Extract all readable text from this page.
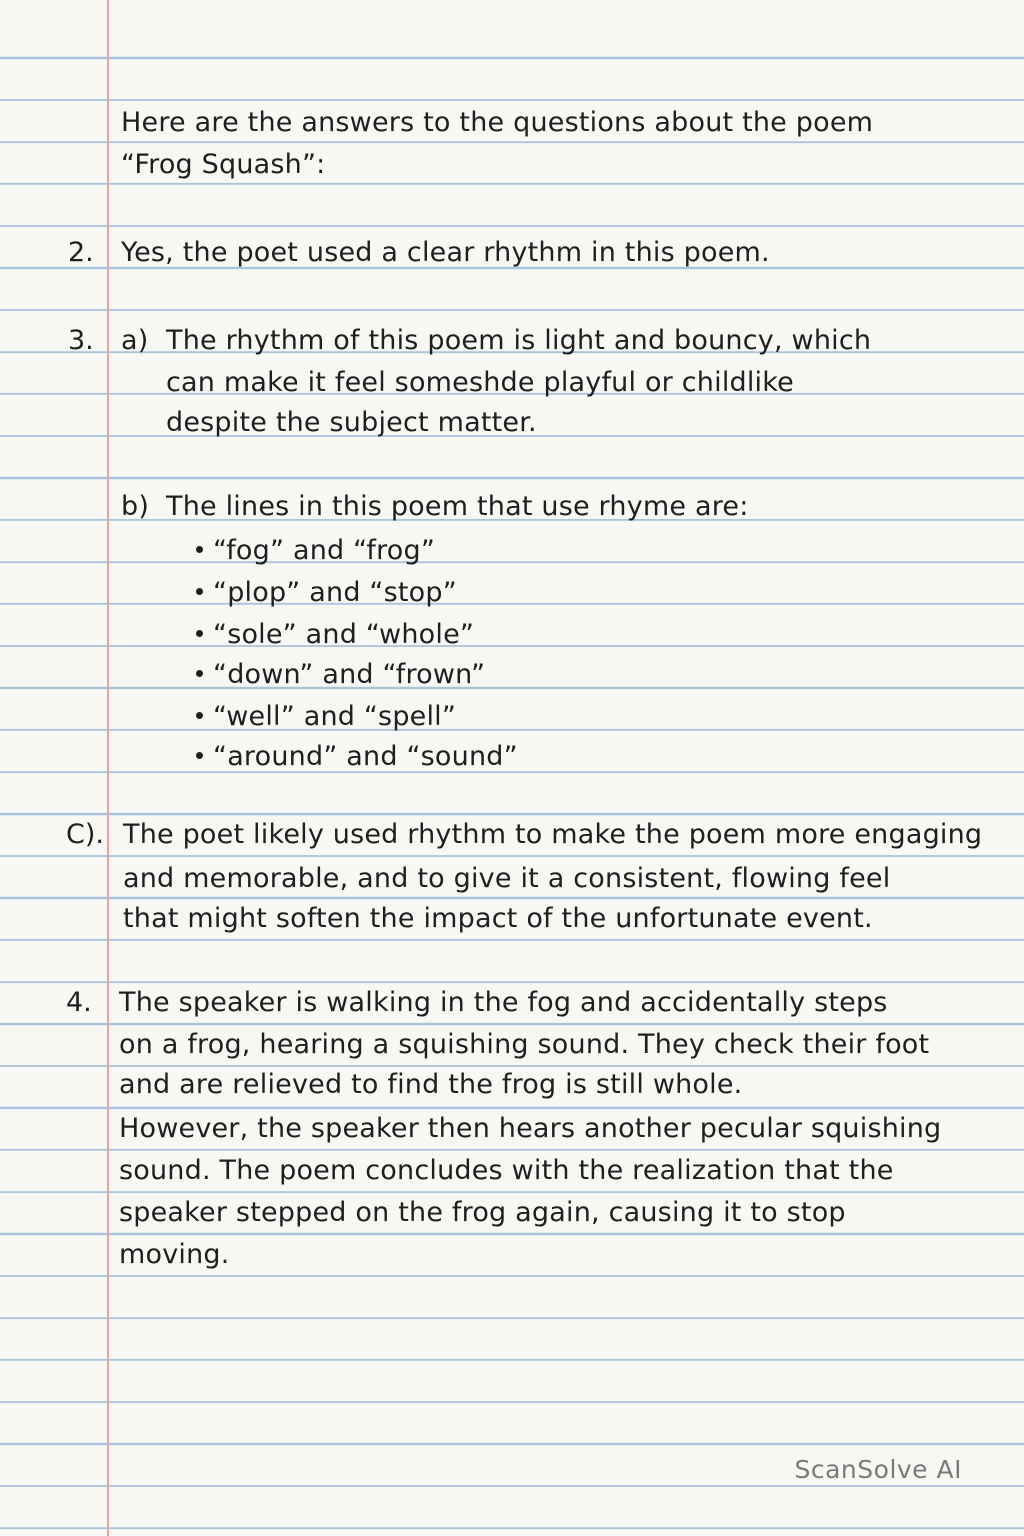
Here are the answers to the questions about the poem
“Frog Squash”:
2. Yes, the poet used a clear rhythm in this poem.
3. a) The rhythm of this poem is light and bouncy, which
can make it feel someshde playful or childlike
despite the subject matter.
b) The lines in this poem that use rhyme are:
“fog” and “frog”
“plop” and “stop”
“sole” and “whole”
“down” and “frown”
“well” and “spell”
“around” and “sound”
C). The poet likely used rhythm to make the poem more engaging
and memorable, and to give it a consistent, flowing feel
that might soften the impact of the unfortunate event.
4. The speaker is walking in the fog and accidentally steps
on a frog, hearing a squishing sound. They check their foot
and are relieved to find the frog is still whole.
However, the speaker then hears another pecular squishing
sound. The poem concludes with the realization that the
speaker stepped on the frog again, causing it to stop
moving.
ScanSolve AI
